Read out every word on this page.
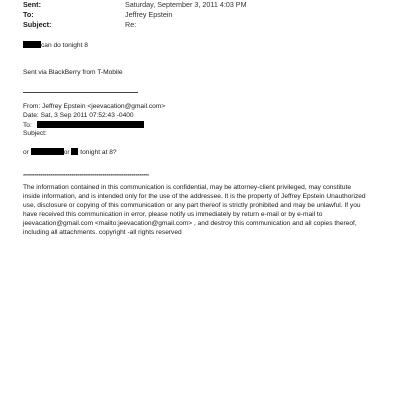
Sent:	Saturday, September 3, 2011 4:03 PM
To:	Jeffrey Epstein
Subject:	Re:
can do tonight 8
Sent via BlackBerry from T-Mobile
From: Jeffrey Epstein <jeevacation@gmail.com>
Date: Sat, 3 Sep 2011 07:52:43 -0400
To:
Subject:
or	or tonight at 8?
*****************************************************************
The information contained in this communication is confidential, may be attorney-client privileged, may constitute
inside information, and is intended only for the use of the addressee. It is the property of Jeffrey Epstein Unauthorized
use, disclosure or copying of this communication or any part thereof is strictly prohibited and may be unlawful. If you
have received this communication in error, please notify us immediately by return e-mail or by e-mail to
jeevacation@gmail.com <mailto:jeevacation@gmail.com> , and destroy this communication and all copies thereof,
including all attachments. copyright -all rights reserved
